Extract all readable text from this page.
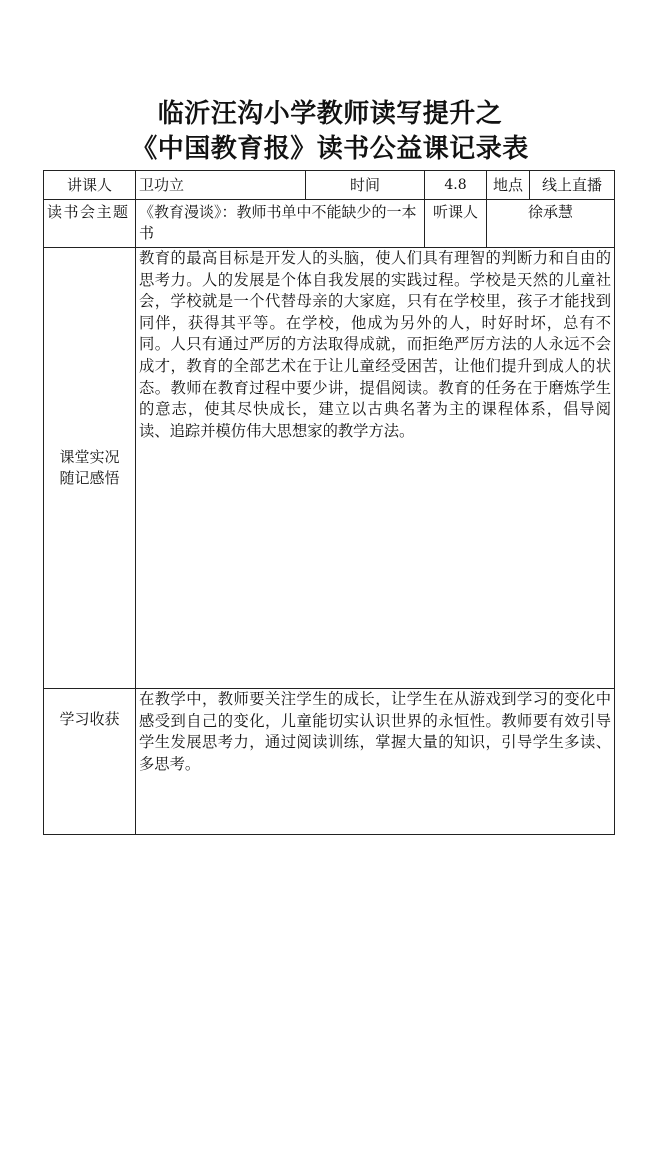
临沂汪沟小学教师读写提升之
《中国教育报》读书公益课记录表
讲课人	卫功立	时间	4.8	地点	线上直播
读书会主题	《教育漫谈》：教师书单中不能缺少的一本书		听课人	徐承慧	
课堂实况随记感悟	教育的最高目标是开发人的头脑，使人们具有理智的判断力和自由的思考力。人的发展是个体自我发展的实践过程。学校是天然的儿童社会，学校就是一个代替母亲的大家庭，只有在学校里，孩子才能找到同伴，获得其平等。在学校，他成为另外的人，时好时坏，总有不同。人只有通过严厉的方法取得成就，而拒绝严厉方法的人永远不会成才，教育的全部艺术在于让儿童经受困苦，让他们提升到成人的状态。教师在教育过程中要少讲，提倡阅读。教育的任务在于磨炼学生的意志，使其尽快成长，建立以古典名著为主的课程体系，倡导阅读、追踪并模仿伟大思想家的教学方法。				
学习收获	在教学中，教师要关注学生的成长，让学生在从游戏到学习的变化中感受到自己的变化，儿童能切实认识世界的永恒性。教师要有效引导学生发展思考力，通过阅读训练，掌握大量的知识，引导学生多读、多思考。				
